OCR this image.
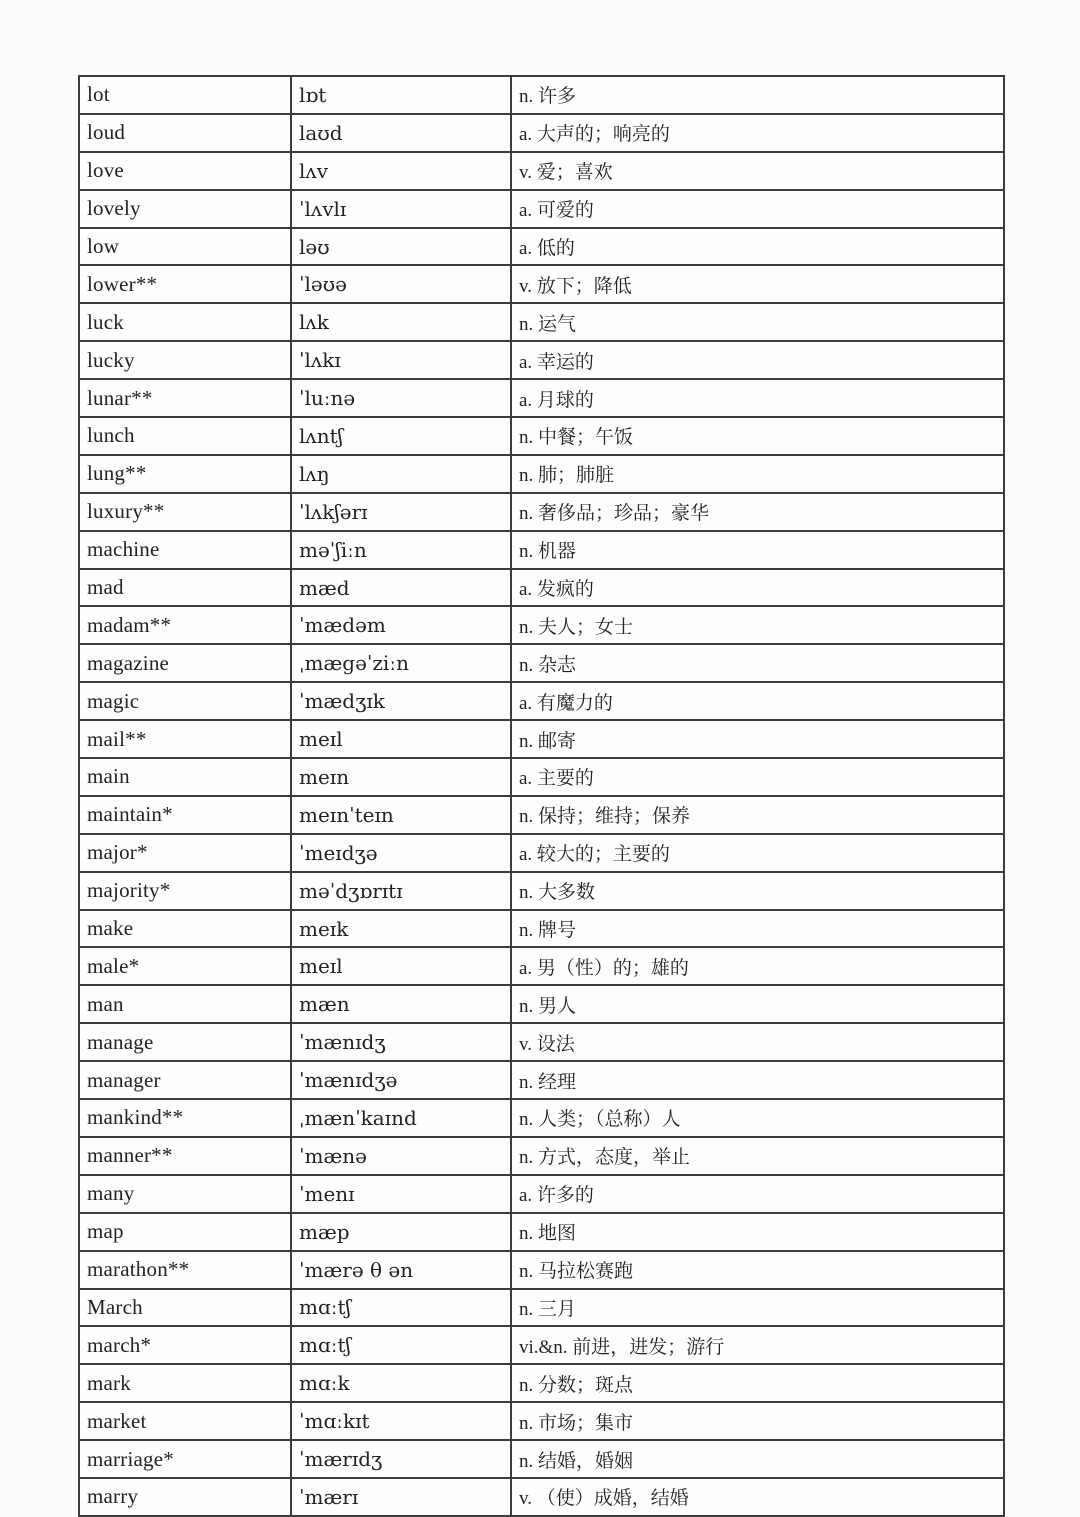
lot	lɒt	n. 许多
loud	laʊd	a. 大声的；响亮的
love	lʌv	v. 爱；喜欢
lovely	ˈlʌvlɪ	a. 可爱的
low	ləʊ	a. 低的
lower**	ˈləʊə	v. 放下；降低
luck	lʌk	n. 运气
lucky	ˈlʌkɪ	a. 幸运的
lunar**	ˈluːnə	a. 月球的
lunch	lʌntʃ	n. 中餐；午饭
lung**	lʌŋ	n. 肺；肺脏
luxury**	ˈlʌkʃərɪ	n. 奢侈品；珍品；豪华
machine	məˈʃiːn	n. 机器
mad	mæd	a. 发疯的
madam**	ˈmædəm	n. 夫人；女士
magazine	ˌmægəˈziːn	n. 杂志
magic	ˈmædʒɪk	a. 有魔力的
mail**	meɪl	n. 邮寄
main	meɪn	a. 主要的
maintain*	meɪnˈteɪn	n. 保持；维持；保养
major*	ˈmeɪdʒə	a. 较大的；主要的
majority*	məˈdʒɒrɪtɪ	n. 大多数
make	meɪk	n. 牌号
male*	meɪl	a. 男（性）的；雄的
man	mæn	n. 男人
manage	ˈmænɪdʒ	v. 设法
manager	ˈmænɪdʒə	n. 经理
mankind**	ˌmænˈkaɪnd	n. 人类；（总称）人
manner**	ˈmænə	n. 方式，态度，举止
many	ˈmenɪ	a. 许多的
map	mæp	n. 地图
marathon**	ˈmærə θ ən	n. 马拉松赛跑
March	mɑːtʃ	n. 三月
march*	mɑːtʃ	vi.&n. 前进，进发；游行
mark	mɑːk	n. 分数；斑点
market	ˈmɑːkɪt	n. 市场；集市
marriage*	ˈmærɪdʒ	n. 结婚，婚姻
marry	ˈmærɪ	v. （使）成婚，结婚
